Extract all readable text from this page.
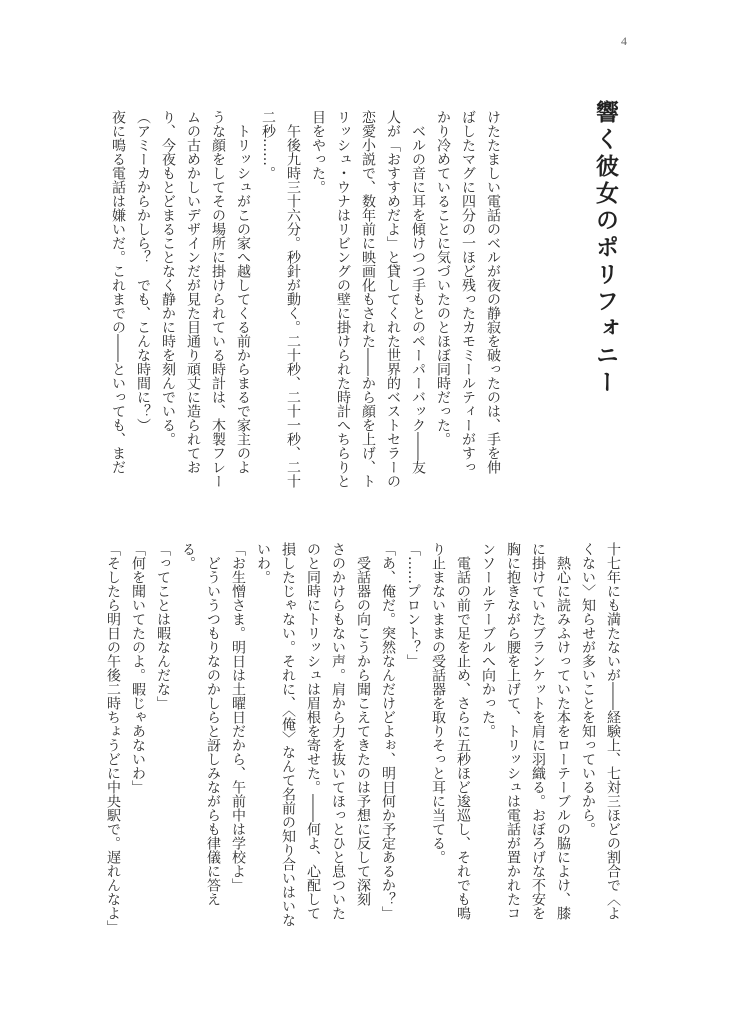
4
響く彼女のポリフォニー
けたたましい電話のベルが夜の静寂を破ったのは、手を伸
ばしたマグに四分の一ほど残ったカモミールティーがすっ
かり冷めていることに気づいたのとほぼ同時だった。
　ベルの音に耳を傾けつつ手もとのペーパーバック――友
人が「おすすめだよ」と貸してくれた世界的ベストセラーの
恋愛小説で、数年前に映画化もされた――から顔を上げ、ト
リッシュ・ウナはリビングの壁に掛けられた時計へちらりと
目をやった。
　午後九時三十六分。秒針が動く。二十秒、二十一秒、二十
二秒……。
　トリッシュがこの家へ越してくる前からまるで家主のよ
うな顔をしてその場所に掛けられている時計は、木製フレー
ムの古めかしいデザインだが見た目通り頑丈に造られてお
り、今夜もとどまることなく静かに時を刻んでいる。
（アミーカからかしら？　でも、こんな時間に？）
夜に鳴る電話は嫌いだ。これまでの――といっても、まだ
十七年にも満たないが――経験上、七対三ほどの割合で〈よ
くない〉知らせが多いことを知っているから。
　熱心に読みふけっていた本をローテーブルの脇によけ、膝
に掛けていたブランケットを肩に羽織る。おぼろげな不安を
胸に抱きながら腰を上げて、トリッシュは電話が置かれたコ
ンソールテーブルへ向かった。
　電話の前で足を止め、さらに五秒ほど逡巡し、それでも鳴
り止まないままの受話器を取りそっと耳に当てる。
「……プロント？」
「あ、俺だ。突然なんだけどよぉ、明日何か予定あるか？」
　受話器の向こうから聞こえてきたのは予想に反して深刻
さのかけらもない声。肩から力を抜いてほっとひと息ついた
のと同時にトリッシュは眉根を寄せた。――何よ、心配して
損したじゃない。それに、〈俺〉なんて名前の知り合いはいな
いわ。
「お生憎さま。明日は土曜日だから、午前中は学校よ」
　どういうつもりなのかしらと訝しみながらも律儀に答え
る。
「ってことは暇なんだな」
「何を聞いてたのよ。暇じゃあないわ」
「そしたら明日の午後二時ちょうどに中央駅で。遅れんなよ」
